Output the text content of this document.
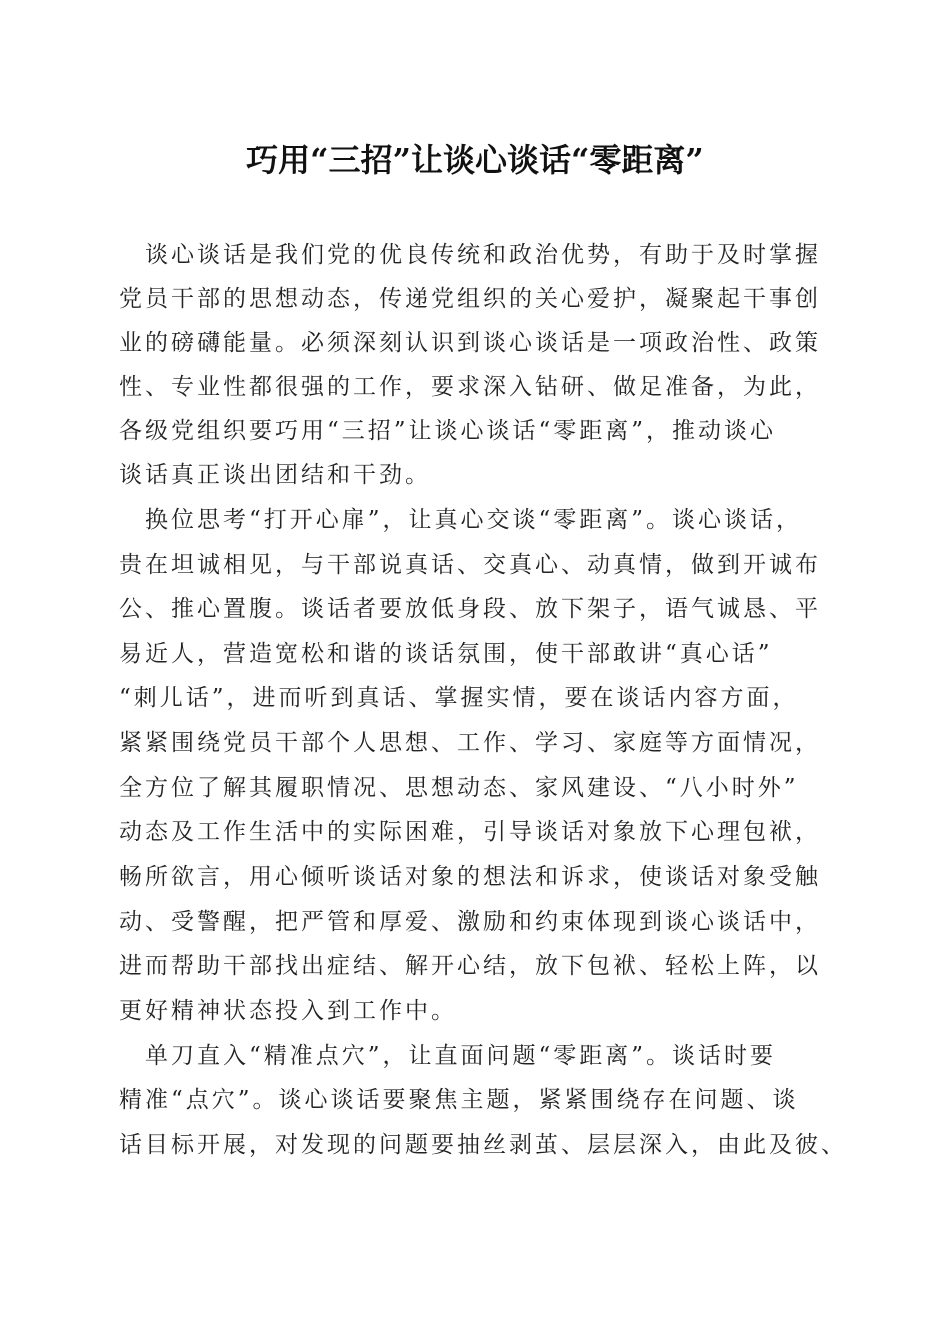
巧用“三招”让谈心谈话“零距离”
　谈心谈话是我们党的优良传统和政治优势，有助于及时掌握
党员干部的思想动态，传递党组织的关心爱护，凝聚起干事创
业的磅礴能量。必须深刻认识到谈心谈话是一项政治性、政策
性、专业性都很强的工作，要求深入钻研、做足准备，为此，
各级党组织要巧用“三招”让谈心谈话“零距离”，推动谈心
谈话真正谈出团结和干劲。
　换位思考“打开心扉”，让真心交谈“零距离”。谈心谈话，
贵在坦诚相见，与干部说真话、交真心、动真情，做到开诚布
公、推心置腹。谈话者要放低身段、放下架子，语气诚恳、平
易近人，营造宽松和谐的谈话氛围，使干部敢讲“真心话”
“刺儿话”，进而听到真话、掌握实情，要在谈话内容方面，
紧紧围绕党员干部个人思想、工作、学习、家庭等方面情况，
全方位了解其履职情况、思想动态、家风建设、“八小时外”
动态及工作生活中的实际困难，引导谈话对象放下心理包袱，
畅所欲言，用心倾听谈话对象的想法和诉求，使谈话对象受触
动、受警醒，把严管和厚爱、激励和约束体现到谈心谈话中，
进而帮助干部找出症结、解开心结，放下包袱、轻松上阵，以
更好精神状态投入到工作中。
　单刀直入“精准点穴”，让直面问题“零距离”。谈话时要
精准“点穴”。谈心谈话要聚焦主题，紧紧围绕存在问题、谈
话目标开展，对发现的问题要抽丝剥茧、层层深入，由此及彼、
